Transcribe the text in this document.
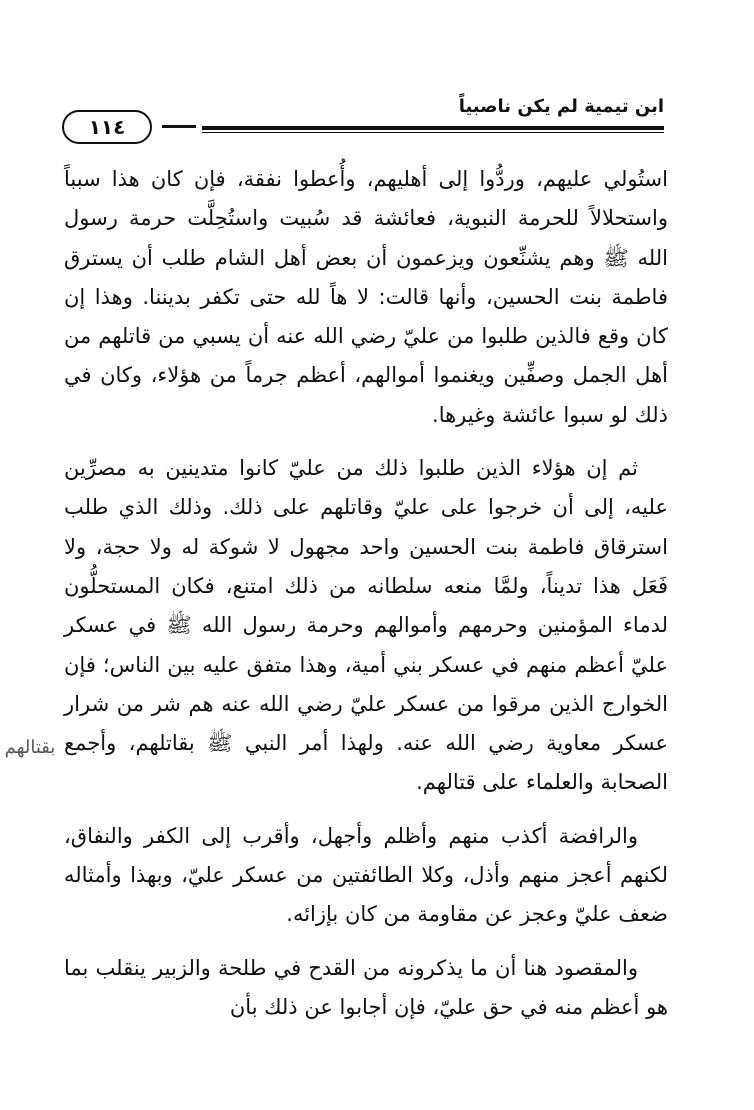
ابن تيمية لم يكن ناصبياً
١١٤

استُولي عليهم، وردُّوا إلى أهليهم، وأُعطوا نفقة، فإن كان هذا سبباً واستحلالاً للحرمة النبوية، فعائشة قد سُبيت واستُحِلَّت حرمة رسول الله ﷺ وهم يشنِّعون ويزعمون أن بعض أهل الشام طلب أن يسترق فاطمة بنت الحسين، وأنها قالت: لا هاً لله حتى تكفر بديننا. وهذا إن كان وقع فالذين طلبوا من عليّ رضي الله عنه أن يسبي من قاتلهم من أهل الجمل وصفِّين ويغنموا أموالهم، أعظم جرماً من هؤلاء، وكان في ذلك لو سبوا عائشة وغيرها.

ثم إن هؤلاء الذين طلبوا ذلك من عليّ كانوا متدينين به مصرِّين عليه، إلى أن خرجوا على عليّ وقاتلهم على ذلك. وذلك الذي طلب استرقاق فاطمة بنت الحسين واحد مجهول لا شوكة له ولا حجة، ولا فَعَل هذا تديناً، ولمَّا منعه سلطانه من ذلك امتنع، فكان المستحلُّون لدماء المؤمنين وحرمهم وأموالهم وحرمة رسول الله ﷺ في عسكر عليّ أعظم منهم في عسكر بني أمية، وهذا متفق عليه بين الناس؛ فإن الخوارج الذين مرقوا من عسكر عليّ رضي الله عنه هم شر من شرار عسكر معاوية رضي الله عنه. ولهذا أمر النبي ﷺ بقاتلهم، وأجمع الصحابة والعلماء على قتالهم.

والرافضة أكذب منهم وأظلم وأجهل، وأقرب إلى الكفر والنفاق، لكنهم أعجز منهم وأذل، وكلا الطائفتين من عسكر عليّ، وبهذا وأمثاله ضعف عليّ وعجز عن مقاومة من كان بإزائه.

والمقصود هنا أن ما يذكرونه من القدح في طلحة والزبير ينقلب بما هو أعظم منه في حق عليّ، فإن أجابوا عن ذلك بأن

بقتالهم
